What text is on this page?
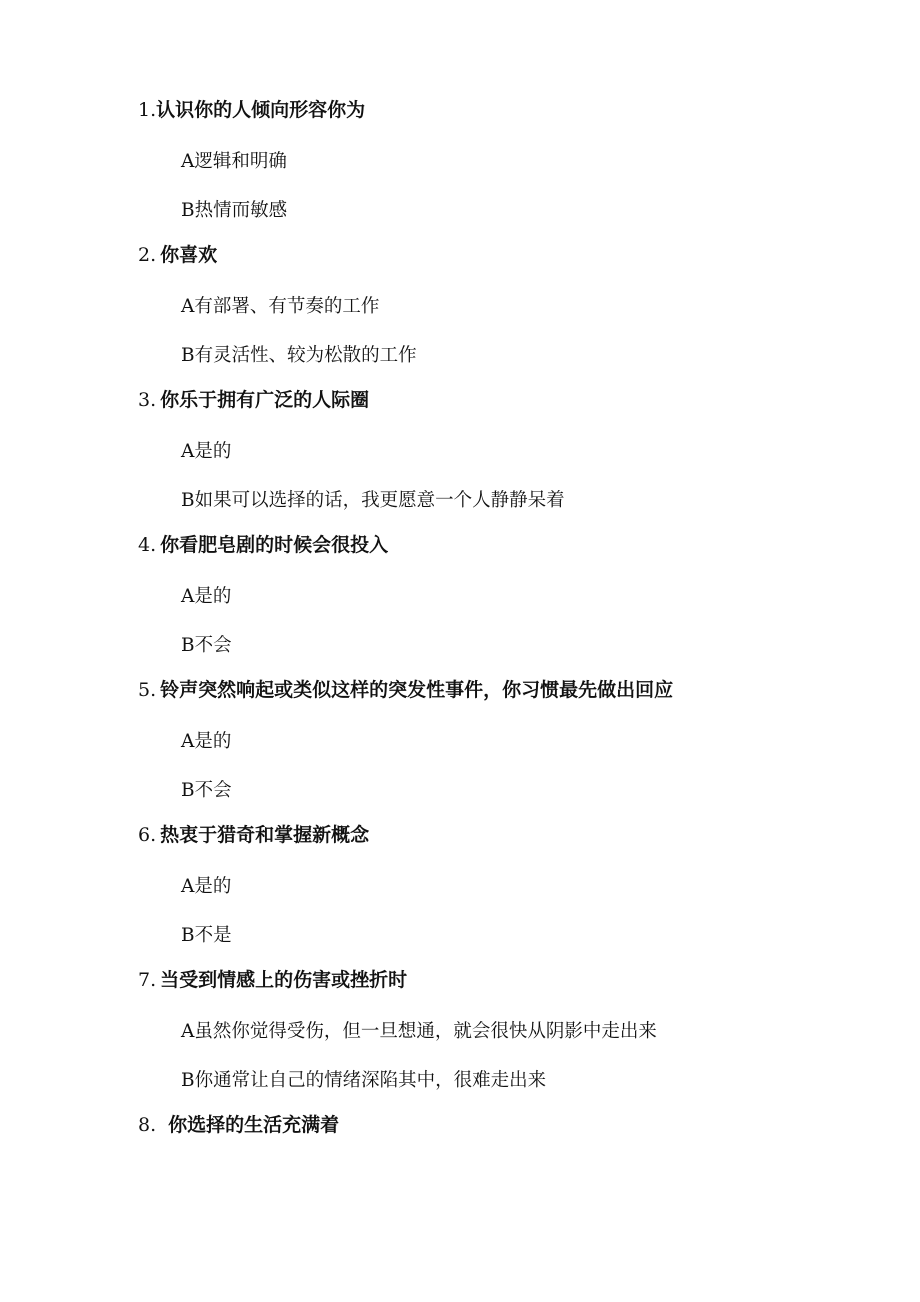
1.认识你的人倾向形容你为
A逻辑和明确
B热情而敏感
2. 你喜欢
A有部署、有节奏的工作
B有灵活性、较为松散的工作
3. 你乐于拥有广泛的人际圈
A是的
B如果可以选择的话，我更愿意一个人静静呆着
4. 你看肥皂剧的时候会很投入
A是的
B不会
5. 铃声突然响起或类似这样的突发性事件，你习惯最先做出回应
A是的
B不会
6. 热衷于猎奇和掌握新概念
A是的
B不是
7. 当受到情感上的伤害或挫折时
A虽然你觉得受伤，但一旦想通，就会很快从阴影中走出来
B你通常让自己的情绪深陷其中，很难走出来
8. 你选择的生活充满着
